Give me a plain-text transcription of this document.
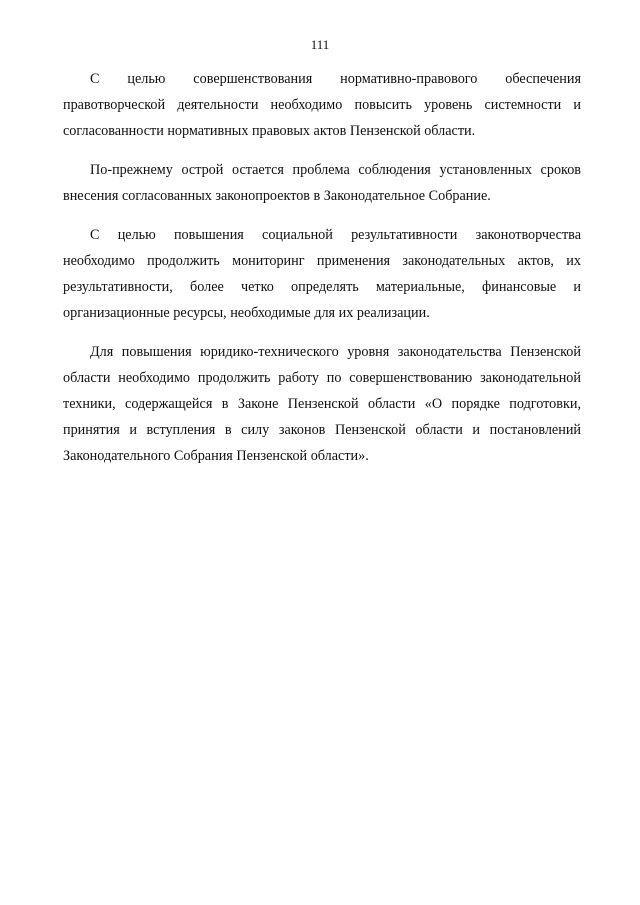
111

С целью совершенствования нормативно-правового обеспечения правотворческой деятельности необходимо повысить уровень системности и согласованности нормативных правовых актов Пензенской области.

По-прежнему острой остается проблема соблюдения установленных сроков внесения согласованных законопроектов в Законодательное Собрание.

С целью повышения социальной результативности законотворчества необходимо продолжить мониторинг применения законодательных актов, их результативности, более четко определять материальные, финансовые и организационные ресурсы, необходимые для их реализации.

Для повышения юридико-технического уровня законодательства Пензенской области необходимо продолжить работу по совершенствованию законодательной техники, содержащейся в Законе Пензенской области «О порядке подготовки, принятия и вступления в силу законов Пензенской области и постановлений Законодательного Собрания Пензенской области».
